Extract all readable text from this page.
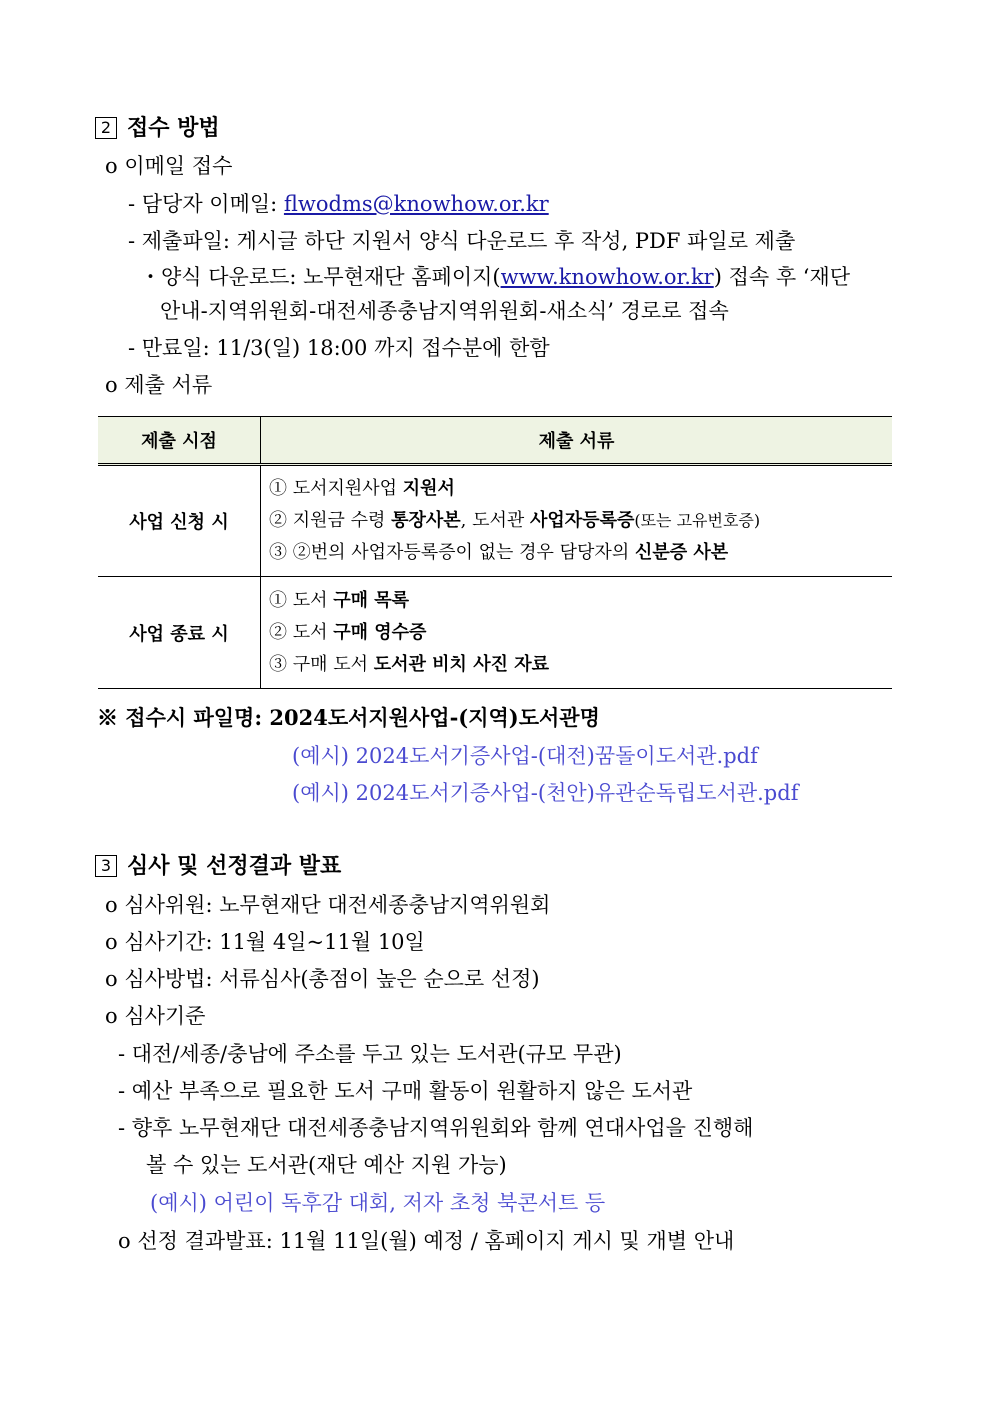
2 접수 방법
o 이메일 접수
- 담당자 이메일: flwodms@knowhow.or.kr
- 제출파일: 게시글 하단 지원서 양식 다운로드 후 작성, PDF 파일로 제출
・양식 다운로드: 노무현재단 홈페이지(www.knowhow.or.kr) 접속 후 ‘재단
안내-지역위원회-대전세종충남지역위원회-새소식’ 경로로 접속
- 만료일: 11/3(일) 18:00 까지 접수분에 한함
o 제출 서류
제출 시점	제출 서류
사업 신청 시	① 도서지원사업 지원서
② 지원금 수령 통장사본, 도서관 사업자등록증(또는 고유번호증)
③ ②번의 사업자등록증이 없는 경우 담당자의 신분증 사본

사업 종료 시	① 도서 구매 목록
② 도서 구매 영수증
③ 구매 도서 도서관 비치 사진 자료
※ 접수시 파일명: 2024도서지원사업-(지역)도서관명
(예시) 2024도서기증사업-(대전)꿈돌이도서관.pdf
(예시) 2024도서기증사업-(천안)유관순독립도서관.pdf
3 심사 및 선정결과 발표
o 심사위원: 노무현재단 대전세종충남지역위원회
o 심사기간: 11월 4일~11월 10일
o 심사방법: 서류심사(총점이 높은 순으로 선정)
o 심사기준
- 대전/세종/충남에 주소를 두고 있는 도서관(규모 무관)
- 예산 부족으로 필요한 도서 구매 활동이 원활하지 않은 도서관
- 향후 노무현재단 대전세종충남지역위원회와 함께 연대사업을 진행해
볼 수 있는 도서관(재단 예산 지원 가능)
(예시) 어린이 독후감 대회, 저자 초청 북콘서트 등
o 선정 결과발표: 11월 11일(월) 예정 / 홈페이지 게시 및 개별 안내
